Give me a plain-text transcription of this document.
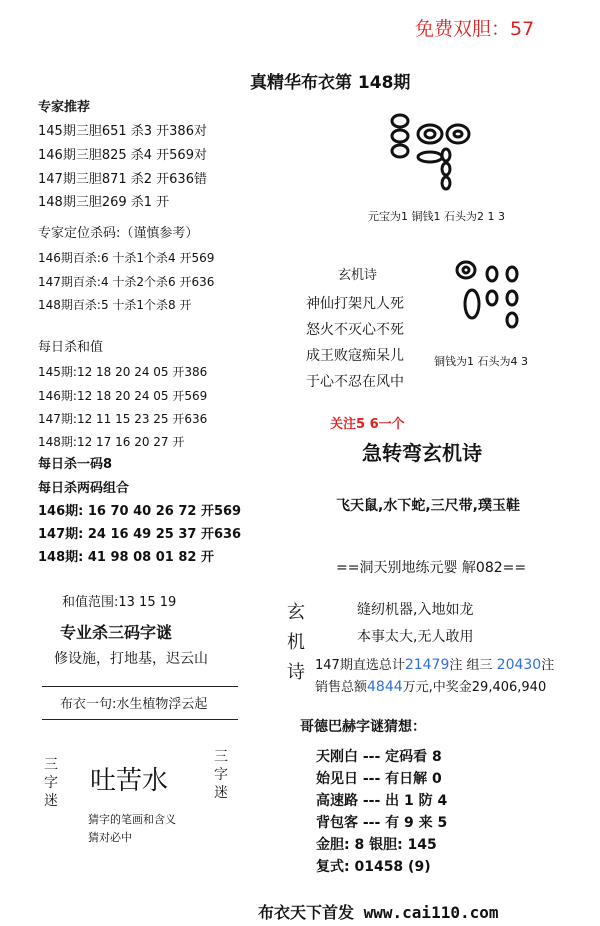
免费双胆：57
真精华布衣第 148期
专家推荐
145期三胆651 杀3 开386对
146期三胆825 杀4 开569对
147期三胆871 杀2 开636错
148期三胆269 杀1 开
专家定位杀码:（谨慎参考）
146期百杀:6 十杀1个杀4 开569
147期百杀:4 十杀2个杀6 开636
148期百杀:5 十杀1个杀8 开
每日杀和值
145期:12 18 20 24 05 开386
146期:12 18 20 24 05 开569
147期:12 11 15 23 25 开636
148期:12 17 16 20 27 开
每日杀一码8
每日杀两码组合
146期: 16 70 40 26 72 开569
147期: 24 16 49 25 37 开636
148期: 41 98 08 01 82 开
和值范围:13 15 19
专业杀三码字谜
修设施，打地基，迟云山
布衣一句:水生植物浮云起
三字迷
吐苦水
三字迷
猜字的笔画和含义
猜对必中
元宝为1 铜钱1 石头为2 1 3
玄机诗
神仙打架凡人死
怒火不灭心不死
成王败寇痴呆儿
于心不忍在风中
铜钱为1 石头为4 3
关注5 6一个
急转弯玄机诗
飞天鼠,水下蛇,三尺带,璞玉鞋
==洞天别地练元婴 解082==
玄机诗
缝纫机器,入地如龙
本事太大,无人敢用
147期直选总计21479注 组三 20430注
销售总额4844万元,中奖金29,406,940
哥德巴赫字谜猜想：
天刚白 --- 定码看 8
始见日 --- 有日解 0
高速路 --- 出 1 防 4
背包客 --- 有 9 来 5
金胆: 8 银胆: 145
复式: 01458 (9)
布衣天下首发 www.cai110.com
